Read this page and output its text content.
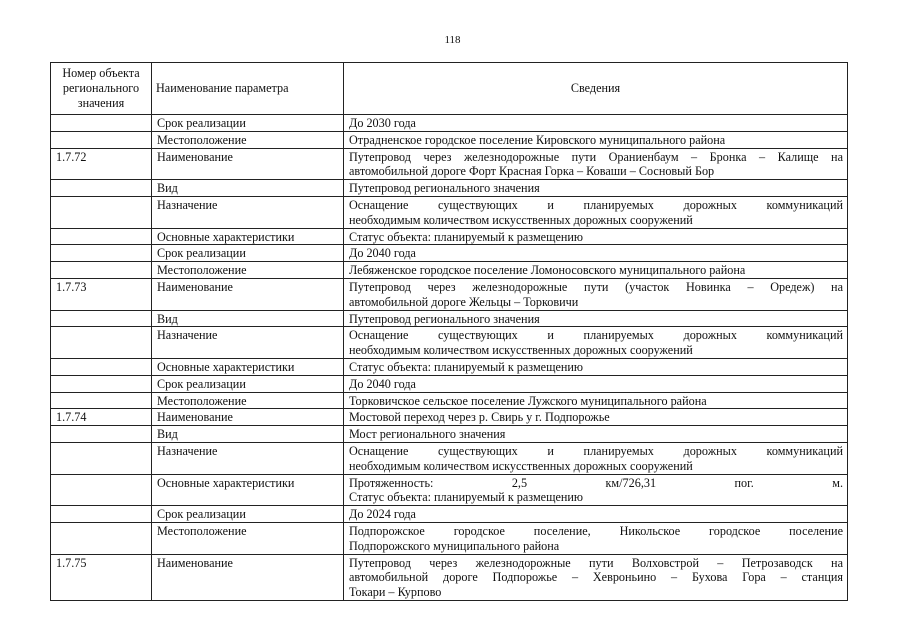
118
Номер объекта
регионального
значения	Наименование параметра	Сведения

	Срок реализации	До 2030 года

	Местоположение	Отрадненское городское поселение Кировского муниципального района

1.7.72	Наименование	Путепровод через железнодорожные пути Ораниенбаум – Бронка – Калище на
автомобильной дороге Форт Красная Горка – Коваши – Сосновый Бор

	Вид	Путепровод регионального значения

	Назначение	Оснащение существующих и планируемых дорожных коммуникаций
необходимым количеством искусственных дорожных сооружений

	Основные характеристики	Статус объекта: планируемый к размещению

	Срок реализации	До 2040 года

	Местоположение	Лебяженское городское поселение Ломоносовского муниципального района

1.7.73	Наименование	Путепровод через железнодорожные пути (участок Новинка – Оредеж) на
автомобильной дороге Жельцы – Торковичи

	Вид	Путепровод регионального значения

	Назначение	Оснащение существующих и планируемых дорожных коммуникаций
необходимым количеством искусственных дорожных сооружений

	Основные характеристики	Статус объекта: планируемый к размещению

	Срок реализации	До 2040 года

	Местоположение	Торковичское сельское поселение Лужского муниципального района

1.7.74	Наименование	Мостовой переход через р. Свирь у г. Подпорожье

	Вид	Мост регионального значения

	Назначение	Оснащение существующих и планируемых дорожных коммуникаций
необходимым количеством искусственных дорожных сооружений

	Основные характеристики	Протяженность: 2,5 км/726,31 пог. м.
Статус объекта: планируемый к размещению

	Срок реализации	До 2024 года

	Местоположение	Подпорожское городское поселение, Никольское городское поселение
Подпорожского муниципального района

1.7.75	Наименование	Путепровод через железнодорожные пути Волховстрой – Петрозаводск на
автомобильной дороге Подпорожье – Хевроньино – Бухова Гора – станция
Токари – Курпово
